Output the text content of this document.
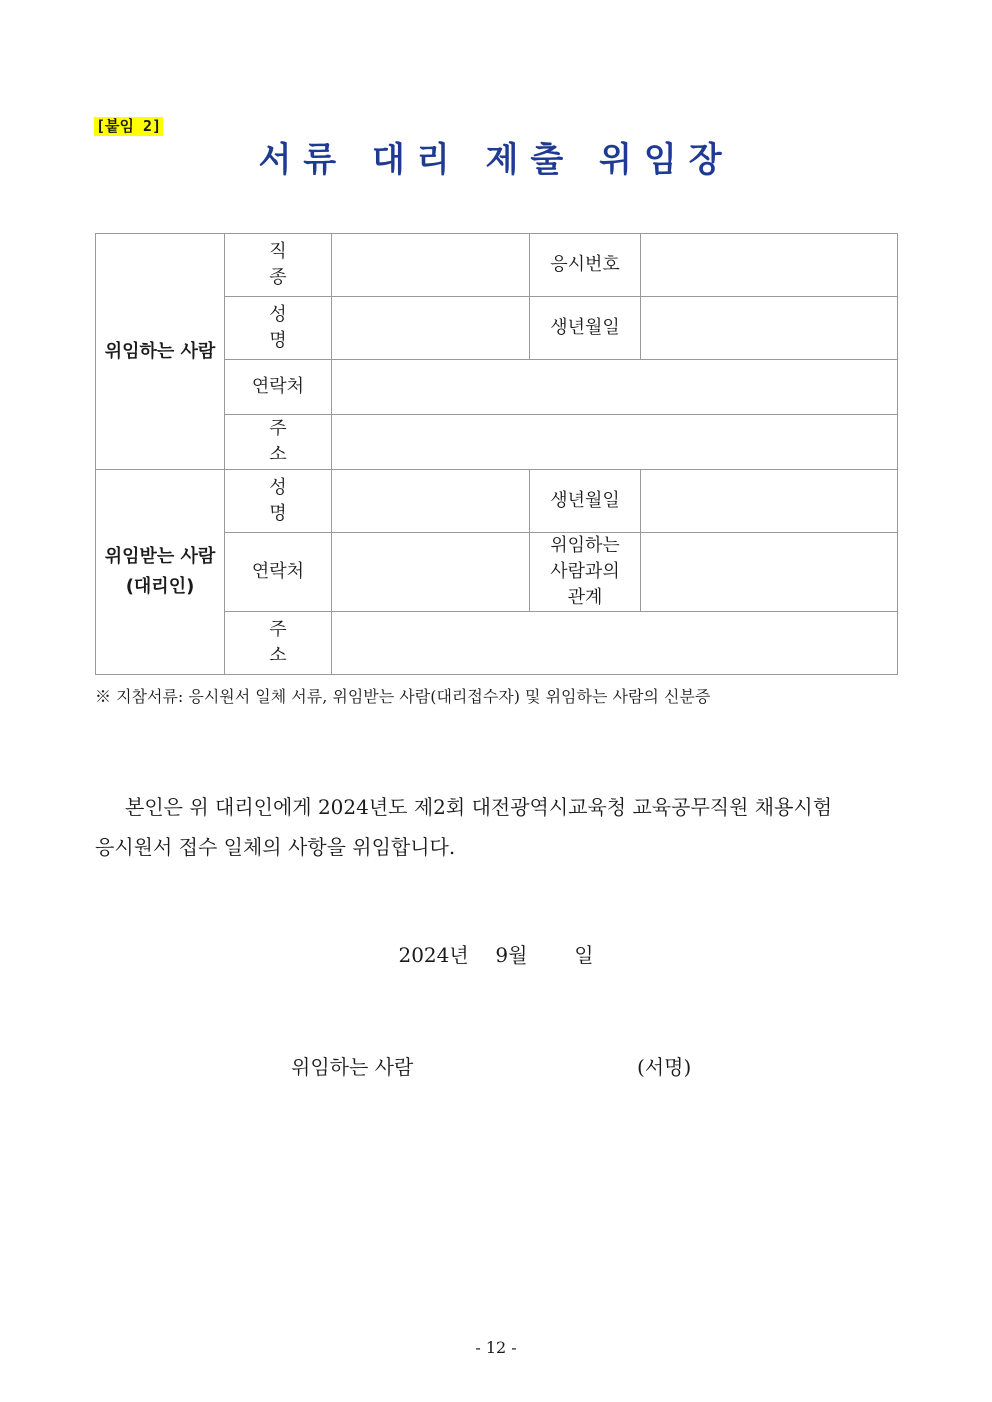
[붙임 2]
서류 대리 제출 위임장
위임하는 사람	직 종		응시번호	
	성 명		생년월일	
	연락처			
	주 소			

위임받는 사람
(대리인)	성 명		생년월일	
	연락처		위임하는
사람과의
관계	

	주 소			
※ 지참서류: 응시원서 일체 서류, 위임받는 사람(대리접수자) 및 위임하는 사람의 신분증
본인은 위 대리인에게 2024년도 제2회 대전광역시교육청 교육공무직원 채용시험
응시원서 접수 일체의 사항을 위임합니다.
2024년 9월 일
위임하는 사람	(서명)
- 12 -
